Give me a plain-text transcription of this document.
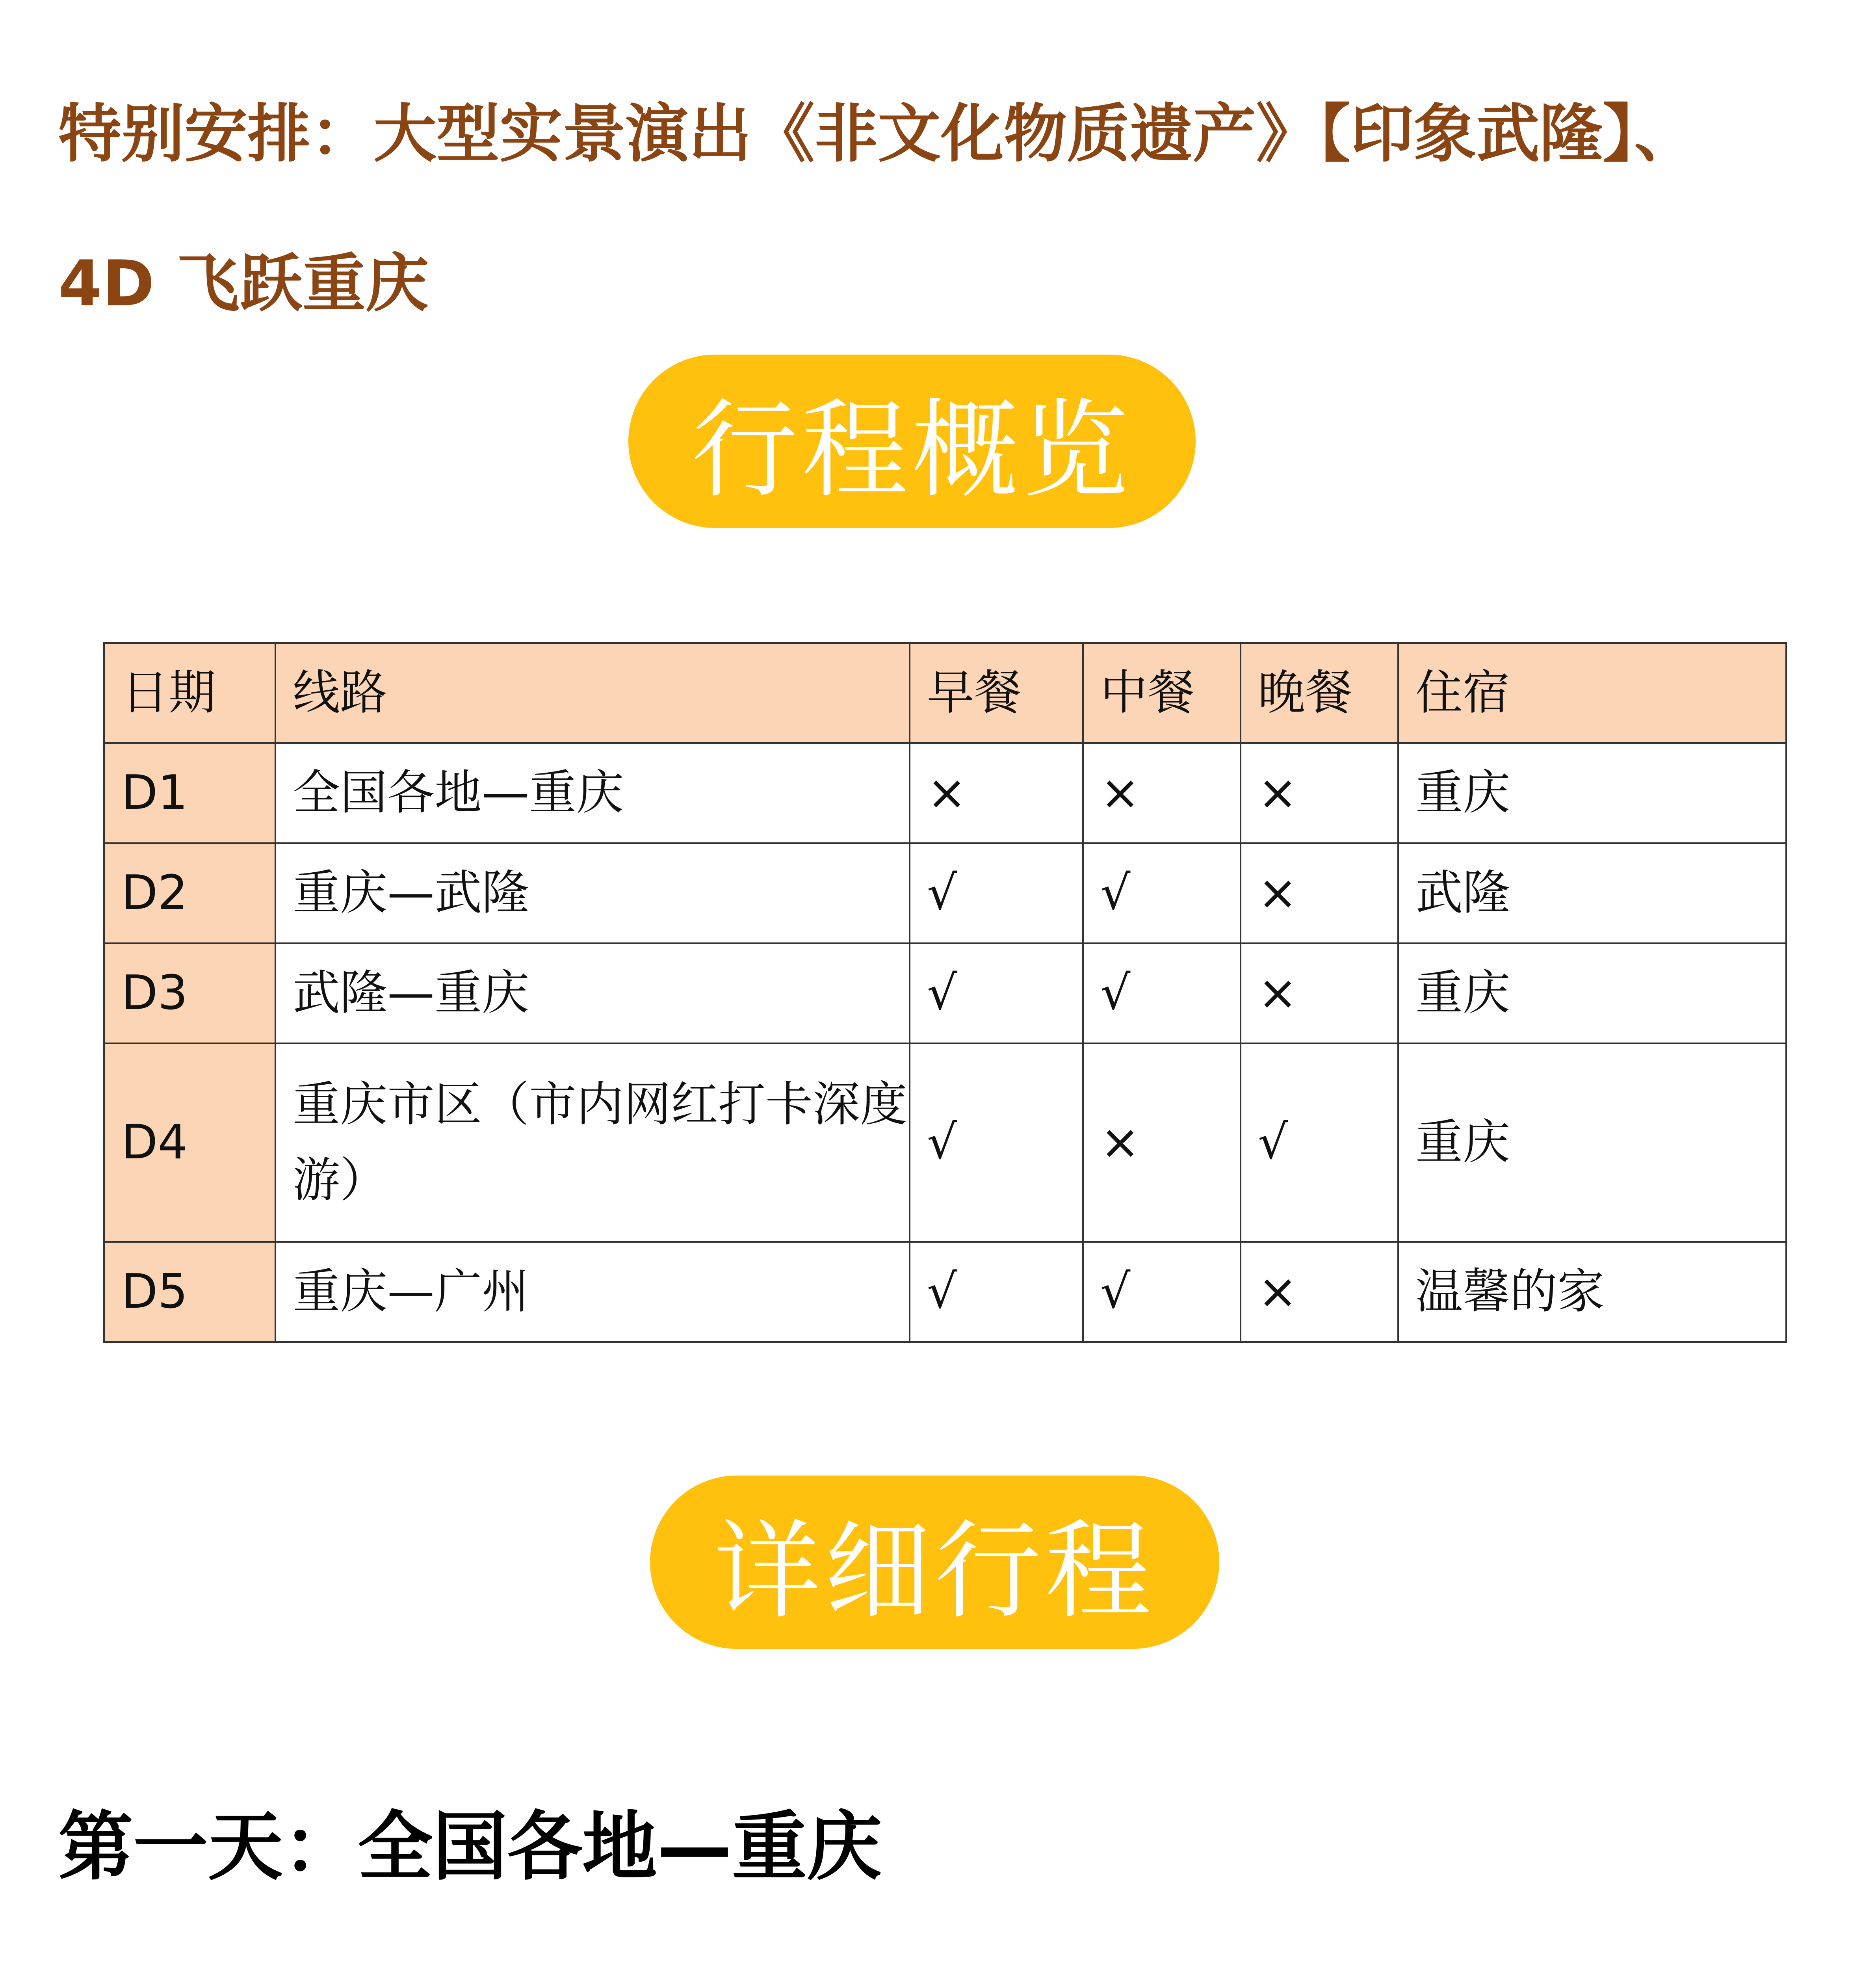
特别安排：大型实景演出《非文化物质遗产》【印象武隆】、
4D 飞跃重庆
行程概览
日期	线路	早餐	中餐	晚餐	住宿
D1	全国各地—重庆	×	×	×	重庆
D2	重庆—武隆	√	√	×	武隆
D3	武隆—重庆	√	√	×	重庆
D4	重庆市区（市内网红打卡深度游）	√	×	√	重庆
D5	重庆—广州	√	√	×	温馨的家
详细行程
第一天：全国各地—重庆
